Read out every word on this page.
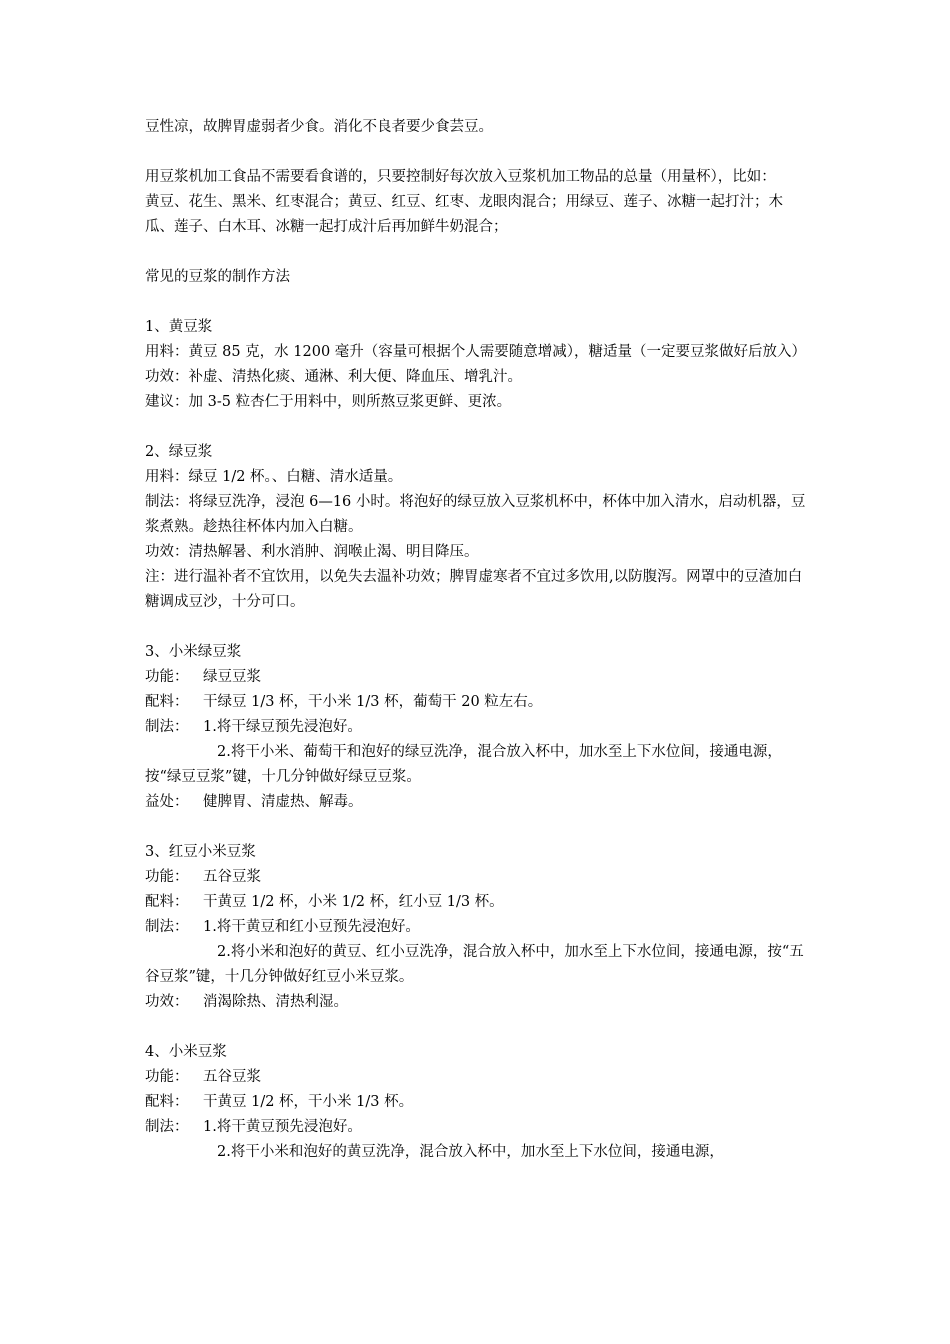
豆性凉，故脾胃虚弱者少食。消化不良者要少食芸豆。

用豆浆机加工食品不需要看食谱的，只要控制好每次放入豆浆机加工物品的总量（用量杯），比如：

黄豆、花生、黑米、红枣混合；黄豆、红豆、红枣、龙眼肉混合；用绿豆、莲子、冰糖一起打汁；木瓜、莲子、白木耳、冰糖一起打成汁后再加鲜牛奶混合；

常见的豆浆的制作方法

1、黄豆浆

用料：黄豆 85 克，水 1200 毫升（容量可根据个人需要随意增减），糖适量（一定要豆浆做好后放入）

功效：补虚、清热化痰、通淋、利大便、降血压、增乳汁。

建议：加 3-5 粒杏仁于用料中，则所熬豆浆更鲜、更浓。

2、绿豆浆

用料：绿豆 1/2 杯。、白糖、清水适量。

制法：将绿豆洗净，浸泡 6—16 小时。将泡好的绿豆放入豆浆机杯中，杯体中加入清水，启动机器，豆浆煮熟。趁热往杯体内加入白糖。

功效：清热解暑、利水消肿、润喉止渴、明目降压。

注：进行温补者不宜饮用，以免失去温补功效；脾胃虚寒者不宜过多饮用,以防腹泻。网罩中的豆渣加白糖调成豆沙，十分可口。

3、小米绿豆浆

功能： 绿豆豆浆

配料： 干绿豆 1/3 杯，干小米 1/3 杯，葡萄干 20 粒左右。

制法： 1.将干绿豆预先浸泡好。

2.将干小米、葡萄干和泡好的绿豆洗净，混合放入杯中，加水至上下水位间，接通电源，按“绿豆豆浆”键，十几分钟做好绿豆豆浆。

益处： 健脾胃、清虚热、解毒。

3、红豆小米豆浆

功能： 五谷豆浆

配料： 干黄豆 1/2 杯，小米 1/2 杯，红小豆 1/3 杯。

制法： 1.将干黄豆和红小豆预先浸泡好。

2.将小米和泡好的黄豆、红小豆洗净，混合放入杯中，加水至上下水位间，接通电源，按“五谷豆浆”键，十几分钟做好红豆小米豆浆。

功效： 消渴除热、清热利湿。

4、小米豆浆

功能： 五谷豆浆

配料： 干黄豆 1/2 杯，干小米 1/3 杯。

制法： 1.将干黄豆预先浸泡好。

2.将干小米和泡好的黄豆洗净，混合放入杯中，加水至上下水位间，接通电源，
